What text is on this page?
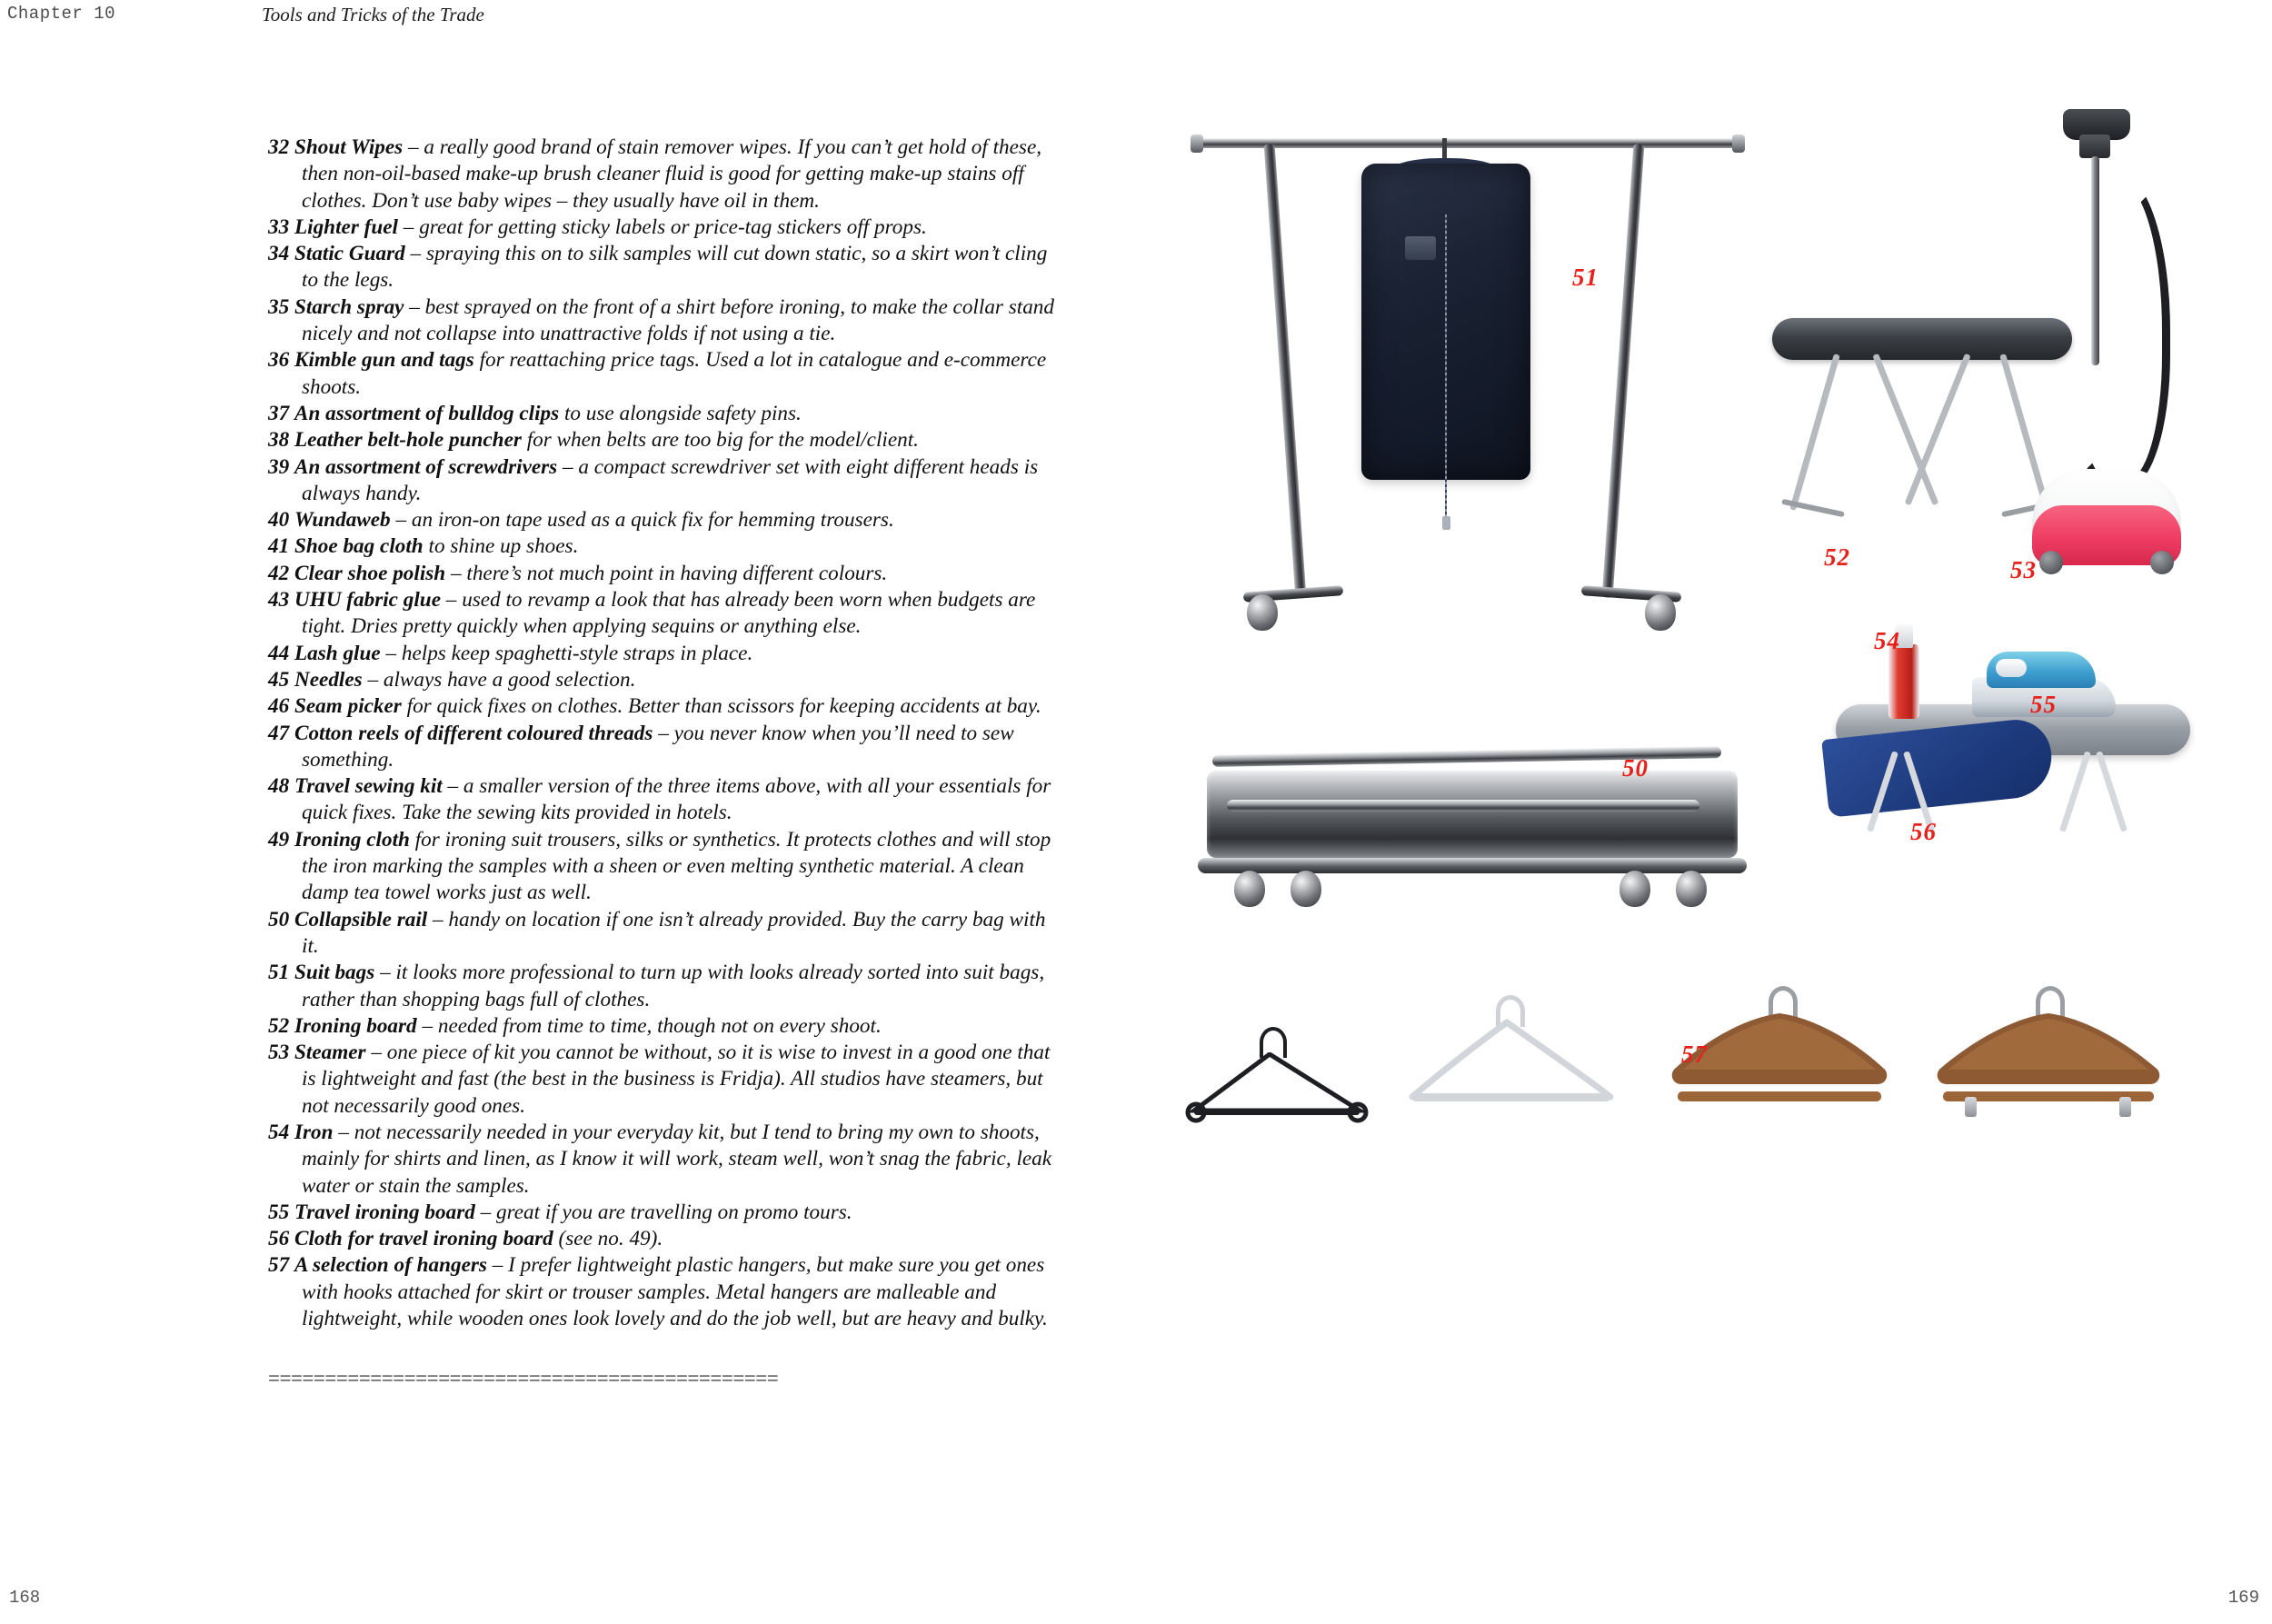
Chapter 10	Tools and Tricks of the Trade

32 Shout Wipes – a really good brand of stain remover wipes. If you can’t get hold of these, then non-oil-based make-up brush cleaner fluid is good for getting make-up stains off clothes. Don’t use baby wipes – they usually have oil in them.

33 Lighter fuel – great for getting sticky labels or price-tag stickers off props.

34 Static Guard – spraying this on to silk samples will cut down static, so a skirt won’t cling to the legs.

35 Starch spray – best sprayed on the front of a shirt before ironing, to make the collar stand nicely and not collapse into unattractive folds if not using a tie.

36 Kimble gun and tags for reattaching price tags. Used a lot in catalogue and e-commerce shoots.

37 An assortment of bulldog clips to use alongside safety pins.

38 Leather belt-hole puncher for when belts are too big for the model/client.

39 An assortment of screwdrivers – a compact screwdriver set with eight different heads is always handy.

40 Wundaweb – an iron-on tape used as a quick fix for hemming trousers.

41 Shoe bag cloth to shine up shoes.

42 Clear shoe polish – there’s not much point in having different colours.

43 UHU fabric glue – used to revamp a look that has already been worn when budgets are tight. Dries pretty quickly when applying sequins or anything else.

44 Lash glue – helps keep spaghetti-style straps in place.

45 Needles – always have a good selection.

46 Seam picker for quick fixes on clothes. Better than scissors for keeping accidents at bay.

47 Cotton reels of different coloured threads – you never know when you’ll need to sew something.

48 Travel sewing kit – a smaller version of the three items above, with all your essentials for quick fixes. Take the sewing kits provided in hotels.

49 Ironing cloth for ironing suit trousers, silks or synthetics. It protects clothes and will stop the iron marking the samples with a sheen or even melting synthetic material. A clean damp tea towel works just as well.

50 Collapsible rail – handy on location if one isn’t already provided. Buy the carry bag with it.

51 Suit bags – it looks more professional to turn up with looks already sorted into suit bags, rather than shopping bags full of clothes.

52 Ironing board – needed from time to time, though not on every shoot.

53 Steamer – one piece of kit you cannot be without, so it is wise to invest in a good one that is lightweight and fast (the best in the business is Fridja). All studios have steamers, but not necessarily good ones.

54 Iron – not necessarily needed in your everyday kit, but I tend to bring my own to shoots, mainly for shirts and linen, as I know it will work, steam well, won’t snag the fabric, leak water or stain the samples.

55 Travel ironing board – great if you are travelling on promo tours.

56 Cloth for travel ironing board (see no. 49).

57 A selection of hangers – I prefer lightweight plastic hangers, but make sure you get ones with hooks attached for skirt or trouser samples. Metal hangers are malleable and lightweight, while wooden ones look lovely and do the job well, but are heavy and bulky.

=============================================
51
52	53
54
55
56
50
57
168	169
